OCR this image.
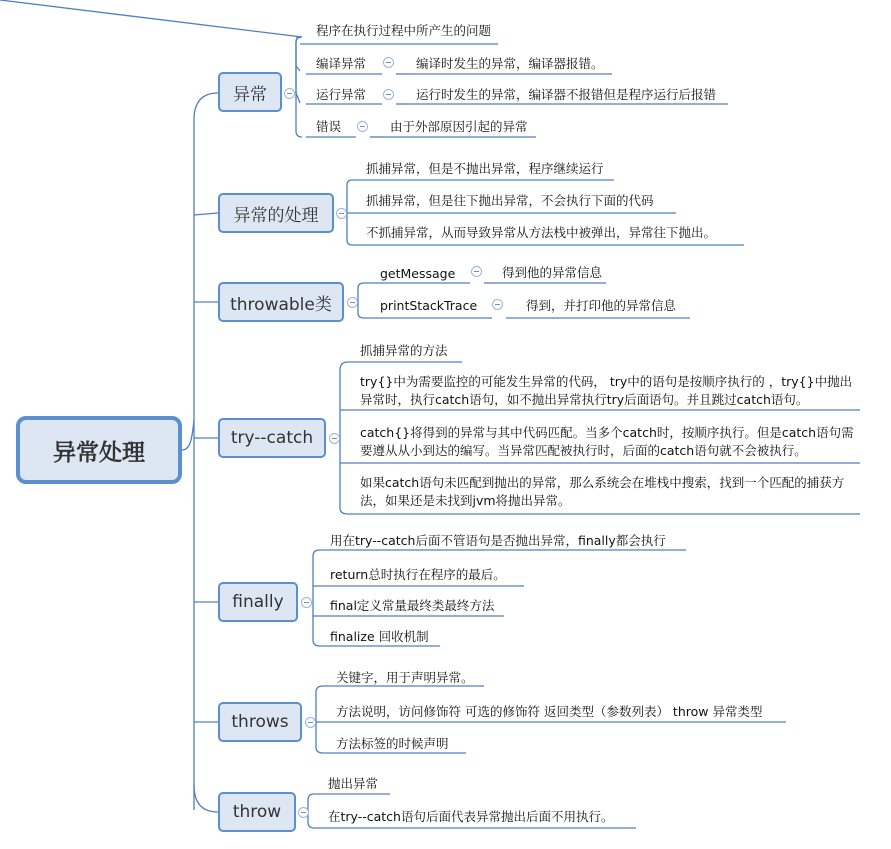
异常处理
异常
程序在执行过程中所产生的问题
编译异常	编译时发生的异常，编译器报错。
运行异常	运行时发生的异常，编译器不报错但是程序运行后报错
错误	由于外部原因引起的异常
异常的处理
抓捕异常，但是不抛出异常，程序继续运行
抓捕异常，但是往下抛出异常，不会执行下面的代码
不抓捕异常，从而导致异常从方法栈中被弹出，异常往下抛出。
throwable类
getMessage	得到他的异常信息
printStackTrace	得到，并打印他的异常信息
try--catch
抓捕异常的方法
try{}中为需要监控的可能发生异常的代码， try中的语句是按顺序执行的 ，try{}中抛出异常时，执行catch语句，如不抛出异常执行try后面语句。并且跳过catch语句。
catch{}将得到的异常与其中代码匹配。当多个catch时，按顺序执行。但是catch语句需要遵从从小到达的编写。当异常匹配被执行时，后面的catch语句就不会被执行。
如果catch语句未匹配到抛出的异常，那么系统会在堆栈中搜索，找到一个匹配的捕获方法，如果还是未找到jvm将抛出异常。
finally
用在try--catch后面不管语句是否抛出异常，finally都会执行
return总时执行在程序的最后。
final定义常量最终类最终方法
finalize 回收机制
throws
关键字，用于声明异常。
方法说明，访问修饰符 可选的修饰符 返回类型（参数列表） throw 异常类型
方法标签的时候声明
throw
抛出异常
在try--catch语句后面代表异常抛出后面不用执行。
